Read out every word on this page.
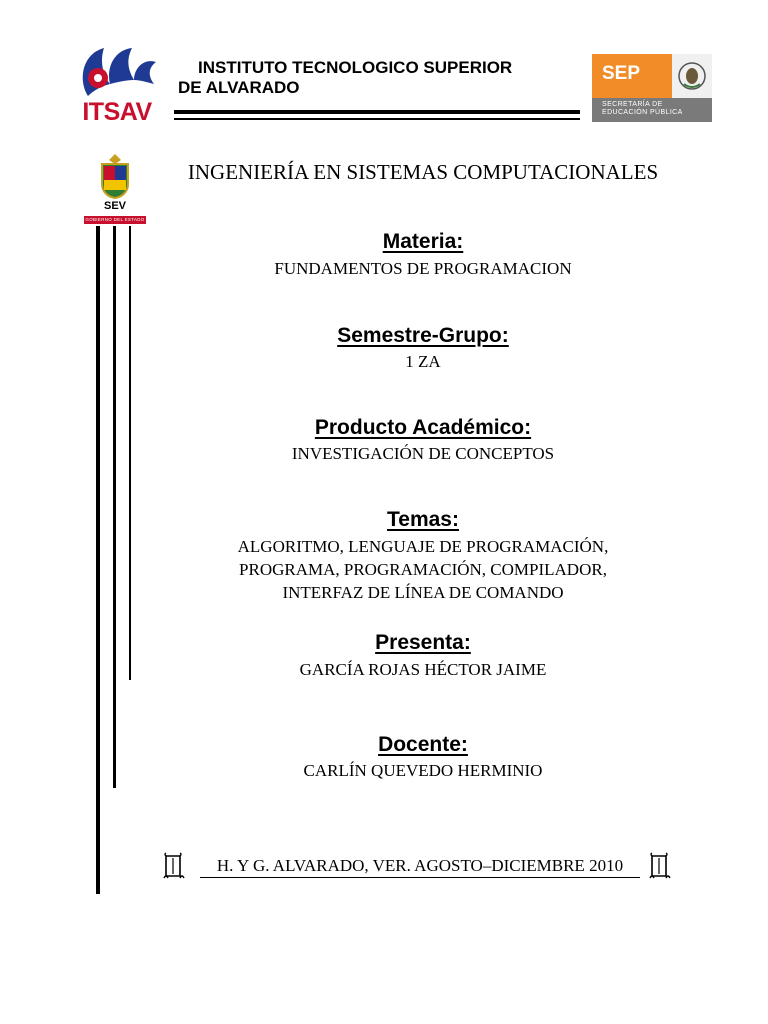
ITSAV
INSTITUTO TECNOLOGICO SUPERIOR
DE ALVARADO
SEP
SECRETARÍA DE
EDUCACIÓN PÚBLICA
SEV
GOBIERNO DEL ESTADO
INGENIERÍA EN SISTEMAS COMPUTACIONALES
Materia:
FUNDAMENTOS DE PROGRAMACION
Semestre-Grupo:
1 ZA
Producto Académico:
INVESTIGACIÓN DE CONCEPTOS
Temas:
ALGORITMO, LENGUAJE DE PROGRAMACIÓN,
PROGRAMA, PROGRAMACIÓN, COMPILADOR,
INTERFAZ DE LÍNEA DE COMANDO
Presenta:
GARCÍA ROJAS HÉCTOR JAIME
Docente:
CARLÍN QUEVEDO HERMINIO
H. Y G. ALVARADO, VER. AGOSTO–DICIEMBRE 2010
